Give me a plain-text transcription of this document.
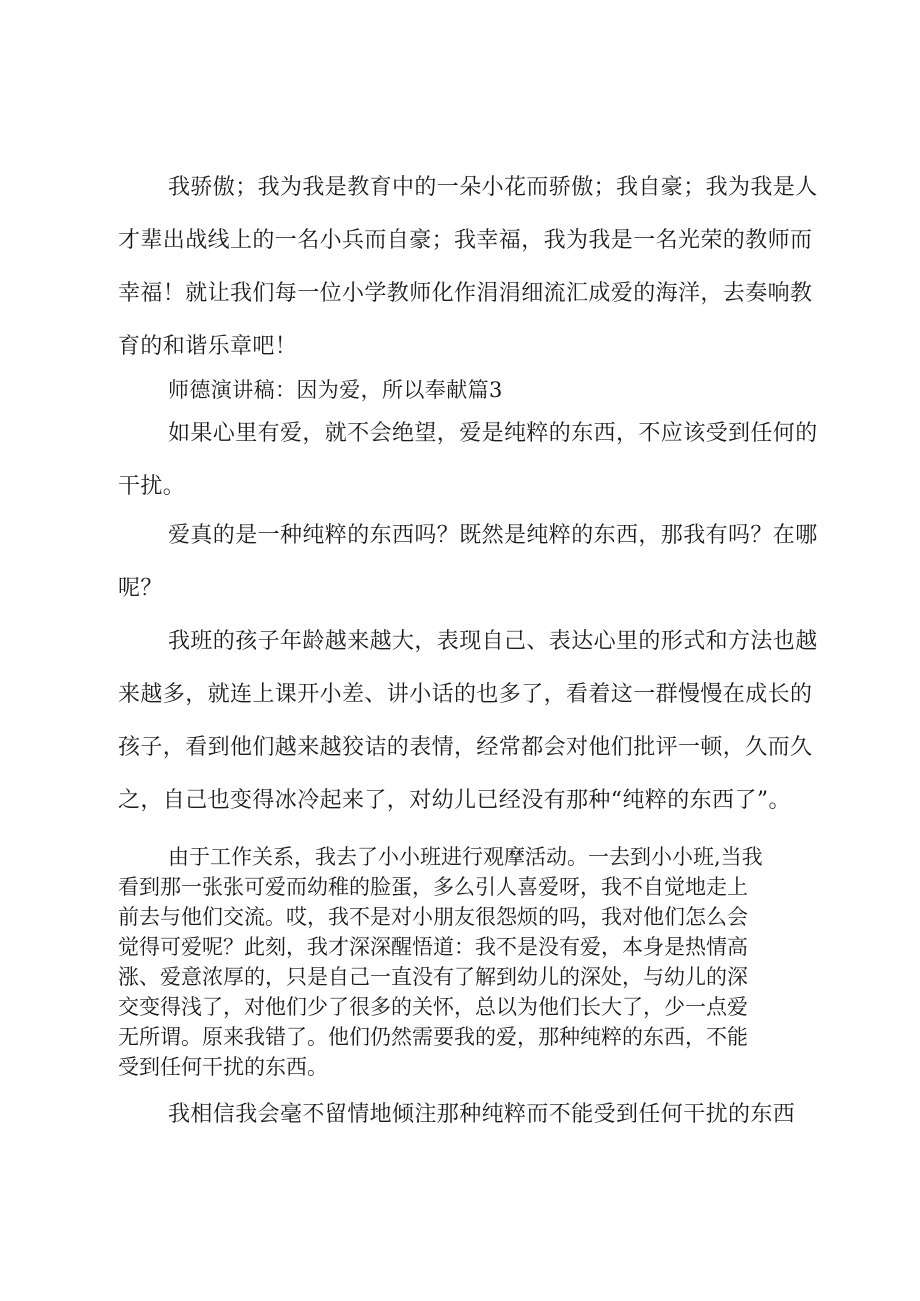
我骄傲；我为我是教育中的一朵小花而骄傲；我自豪；我为我是人
才辈出战线上的一名小兵而自豪；我幸福，我为我是一名光荣的教师而
幸福！就让我们每一位小学教师化作涓涓细流汇成爱的海洋，去奏响教
育的和谐乐章吧！
师德演讲稿：因为爱，所以奉献篇3
如果心里有爱，就不会绝望，爱是纯粹的东西，不应该受到任何的
干扰。
爱真的是一种纯粹的东西吗？既然是纯粹的东西，那我有吗？在哪
呢？
我班的孩子年龄越来越大，表现自己、表达心里的形式和方法也越
来越多，就连上课开小差、讲小话的也多了，看着这一群慢慢在成长的
孩子，看到他们越来越狡诘的表情，经常都会对他们批评一顿，久而久
之，自己也变得冰冷起来了，对幼儿已经没有那种“纯粹的东西了”。
由于工作关系，我去了小小班进行观摩活动。一去到小小班,当我
看到那一张张可爱而幼稚的脸蛋，多么引人喜爱呀，我不自觉地走上
前去与他们交流。哎，我不是对小朋友很怨烦的吗，我对他们怎么会
觉得可爱呢？此刻，我才深深醒悟道：我不是没有爱，本身是热情高
涨、爱意浓厚的，只是自己一直没有了解到幼儿的深处，与幼儿的深
交变得浅了，对他们少了很多的关怀，总以为他们长大了，少一点爱
无所谓。原来我错了。他们仍然需要我的爱，那种纯粹的东西，不能
受到任何干扰的东西。
我相信我会毫不留情地倾注那种纯粹而不能受到任何干扰的东西
